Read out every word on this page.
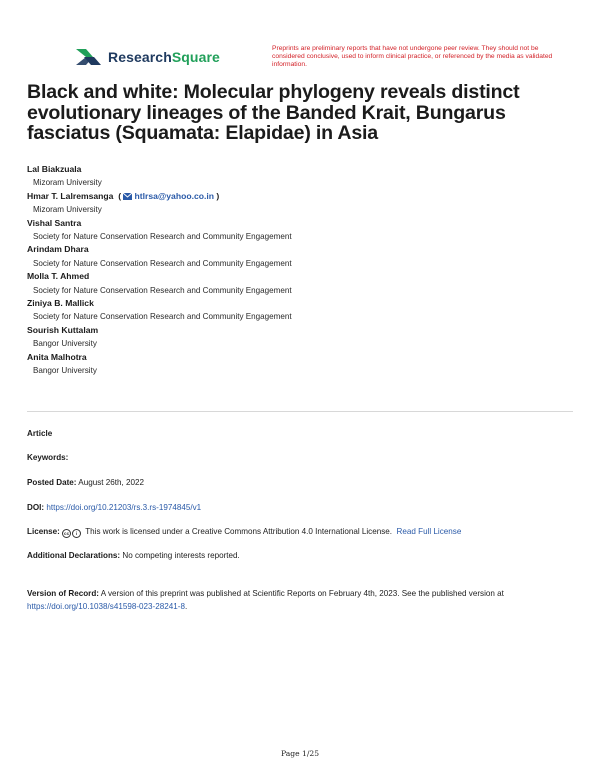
ResearchSquare
Preprints are preliminary reports that have not undergone peer review. They should not be considered conclusive, used to inform clinical practice, or referenced by the media as validated information.
Black and white: Molecular phylogeny reveals distinct evolutionary lineages of the Banded Krait, Bungarus fasciatus (Squamata: Elapidae) in Asia
Lal Biakzuala
Mizoram University
Hmar T. Lalremsanga  ( htlrsa@yahoo.co.in )
Mizoram University
Vishal Santra
Society for Nature Conservation Research and Community Engagement
Arindam Dhara
Society for Nature Conservation Research and Community Engagement
Molla T. Ahmed
Society for Nature Conservation Research and Community Engagement
Ziniya B. Mallick
Society for Nature Conservation Research and Community Engagement
Sourish Kuttalam
Bangor University
Anita Malhotra
Bangor University
Article
Keywords:
Posted Date: August 26th, 2022
DOI: https://doi.org/10.21203/rs.3.rs-1974845/v1
License: cc	i This work is licensed under a Creative Commons Attribution 4.0 International License. Read Full License
Additional Declarations: No competing interests reported.
Version of Record: A version of this preprint was published at Scientific Reports on February 4th, 2023. See the published version at https://doi.org/10.1038/s41598-023-28241-8.
Page 1/25
